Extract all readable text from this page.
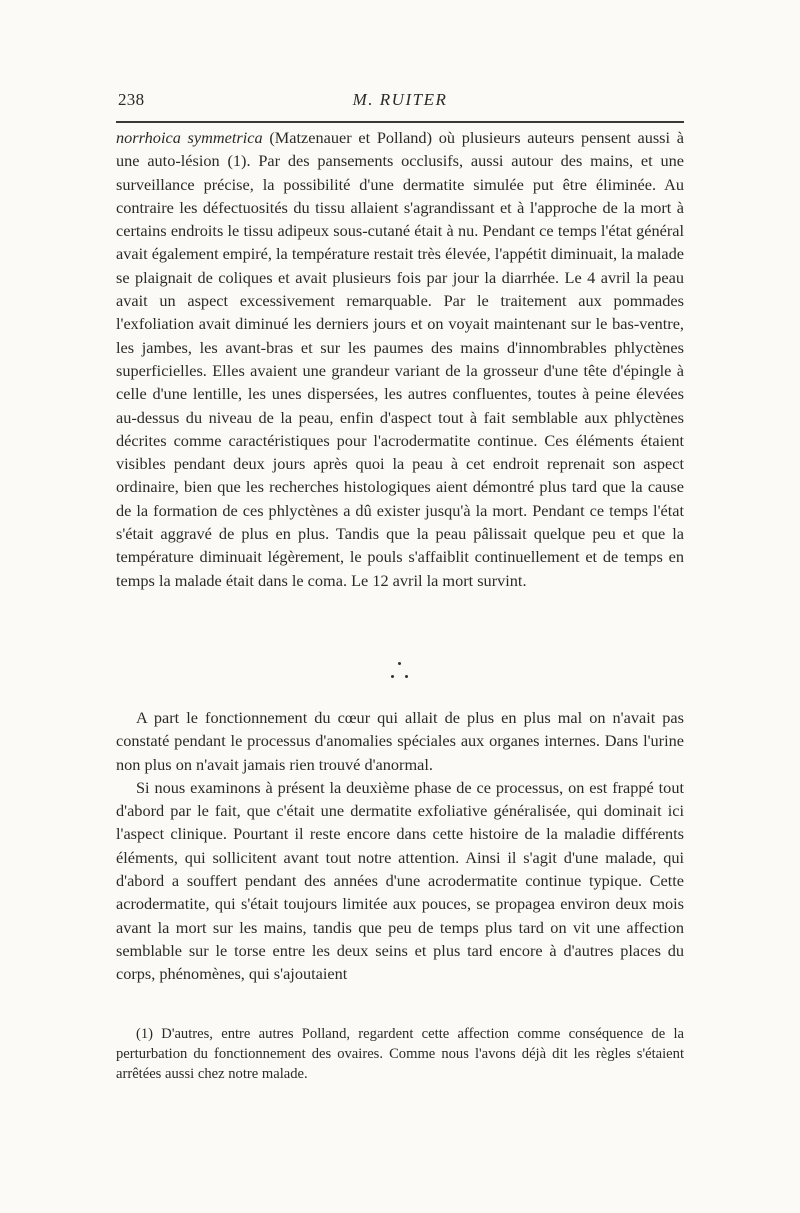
238	M. RUITER

norrhoica symmetrica (Matzenauer et Polland) où plusieurs auteurs pensent aussi à une auto-lésion (1). Par des pansements occlusifs, aussi autour des mains, et une surveillance précise, la possibilité d'une dermatite simulée put être éliminée. Au contraire les défectuosités du tissu allaient s'agrandissant et à l'approche de la mort à certains endroits le tissu adipeux sous-cutané était à nu. Pendant ce temps l'état général avait également empiré, la température restait très élevée, l'appétit diminuait, la malade se plaignait de coliques et avait plusieurs fois par jour la diarrhée. Le 4 avril la peau avait un aspect excessivement remarquable. Par le traitement aux pommades l'exfoliation avait diminué les derniers jours et on voyait maintenant sur le bas-ventre, les jambes, les avant-bras et sur les paumes des mains d'innombrables phlyctènes superficielles. Elles avaient une grandeur variant de la grosseur d'une tête d'épingle à celle d'une lentille, les unes dispersées, les autres confluentes, toutes à peine élevées au-dessus du niveau de la peau, enfin d'aspect tout à fait semblable aux phlyctènes décrites comme caractéristiques pour l'acrodermatite continue. Ces éléments étaient visibles pendant deux jours après quoi la peau à cet endroit reprenait son aspect ordinaire, bien que les recherches histologiques aient démontré plus tard que la cause de la formation de ces phlyctènes a dû exister jusqu'à la mort. Pendant ce temps l'état s'était aggravé de plus en plus. Tandis que la peau pâlissait quelque peu et que la température diminuait légèrement, le pouls s'affaiblit continuellement et de temps en temps la malade était dans le coma. Le 12 avril la mort survint.

A part le fonctionnement du cœur qui allait de plus en plus mal on n'avait pas constaté pendant le processus d'anomalies spéciales aux organes internes. Dans l'urine non plus on n'avait jamais rien trouvé d'anormal.

Si nous examinons à présent la deuxième phase de ce processus, on est frappé tout d'abord par le fait, que c'était une dermatite exfoliative généralisée, qui dominait ici l'aspect clinique. Pourtant il reste encore dans cette histoire de la maladie différents éléments, qui sollicitent avant tout notre attention. Ainsi il s'agit d'une malade, qui d'abord a souffert pendant des années d'une acrodermatite continue typique. Cette acrodermatite, qui s'était toujours limitée aux pouces, se propagea environ deux mois avant la mort sur les mains, tandis que peu de temps plus tard on vit une affection semblable sur le torse entre les deux seins et plus tard encore à d'autres places du corps, phénomènes, qui s'ajoutaient

(1) D'autres, entre autres Polland, regardent cette affection comme conséquence de la perturbation du fonctionnement des ovaires. Comme nous l'avons déjà dit les règles s'étaient arrêtées aussi chez notre malade.
